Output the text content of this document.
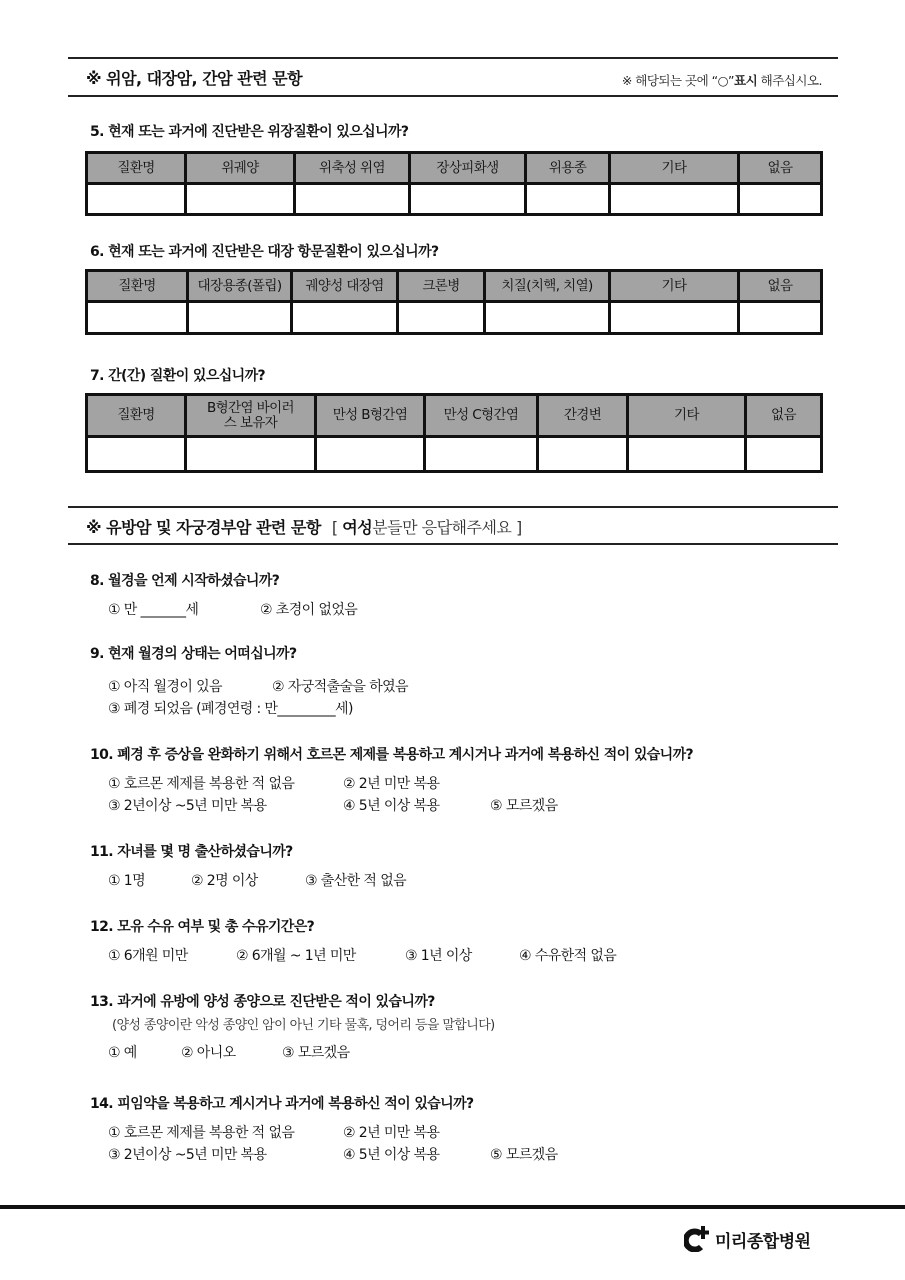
※ 위암, 대장암, 간암 관련 문항	※ 해당되는 곳에 “○”표시 해주십시오.
5. 현재 또는 과거에 진단받은 위장질환이 있으십니까?
질환명	위궤양	위축성 위염	장상피화생	위용종	기타	없음

6. 현재 또는 과거에 진단받은 대장 항문질환이 있으십니까?
질환명	대장용종(폴립)	궤양성 대장염	크론병	치질(치핵, 치열)	기타	없음

7. 간(간) 질환이 있으십니까?
질환명	B형간염 바이러스 보유자	만성 B형간염	만성 C형간염	간경변	기타	없음

※ 유방암 및 자궁경부암 관련 문항 [ 여성분들만 응답해주세요 ]
8. 월경을 언제 시작하셨습니까?
① 만 _______세	② 초경이 없었음
9. 현재 월경의 상태는 어떠십니까?
① 아직 월경이 있음	② 자궁적출술을 하였음
③ 폐경 되었음 (폐경연령 : 만_________세)
10. 폐경 후 증상을 완화하기 위해서 호르몬 제제를 복용하고 계시거나 과거에 복용하신 적이 있습니까?
① 호르몬 제제를 복용한 적 없음	② 2년 미만 복용
③ 2년이상 ~5년 미만 복용	④ 5년 이상 복용	⑤ 모르겠음
11. 자녀를 몇 명 출산하셨습니까?
① 1명	② 2명 이상	③ 출산한 적 없음
12. 모유 수유 여부 및 총 수유기간은?
① 6개원 미만	② 6개월 ~ 1년 미만	③ 1년 이상	④ 수유한적 없음
13. 과거에 유방에 양성 종양으로 진단받은 적이 있습니까?
(양성 종양이란 악성 종양인 암이 아닌 기타 물혹, 덩어리 등을 말합니다)
① 예	② 아니오	③ 모르겠음
14. 피임약을 복용하고 계시거나 과거에 복용하신 적이 있습니까?
① 호르몬 제제를 복용한 적 없음	② 2년 미만 복용
③ 2년이상 ~5년 미만 복용	④ 5년 이상 복용	⑤ 모르겠음
미리종합병원
